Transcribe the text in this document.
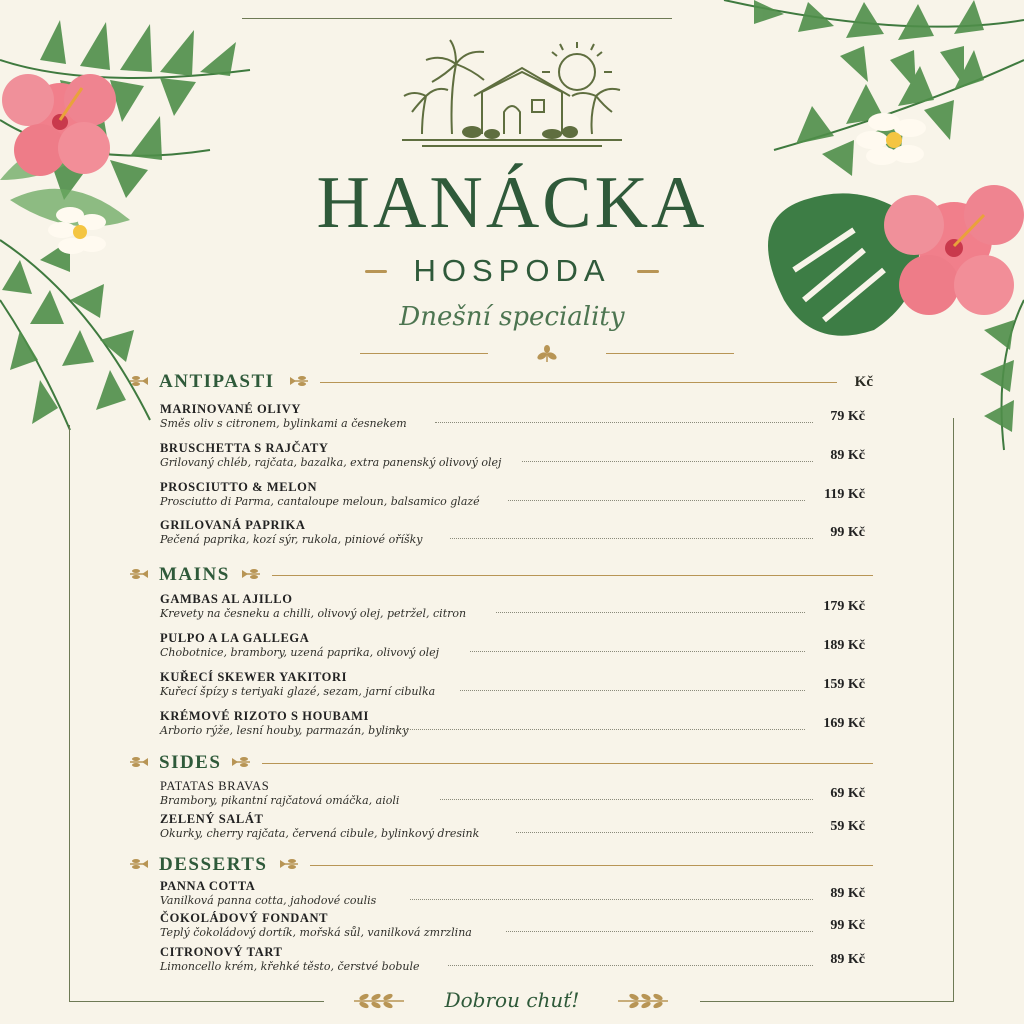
HANÁCKA
HOSPODA
Dnešní speciality
ANTIPASTI	Kč
MARINOVANÉ OLIVY
Směs oliv s citronem, bylinkami a česnekem	79 Kč
BRUSCHETTA S RAJČATY
Grilovaný chléb, rajčata, bazalka, extra panenský olivový olej	89 Kč
PROSCIUTTO & MELON
Prosciutto di Parma, cantaloupe meloun, balsamico glazé	119 Kč
GRILOVANÁ PAPRIKA
Pečená paprika, kozí sýr, rukola, piniové oříšky	99 Kč
MAINS
GAMBAS AL AJILLO
Krevety na česneku a chilli, olivový olej, petržel, citron	179 Kč
PULPO A LA GALLEGA
Chobotnice, brambory, uzená paprika, olivový olej	189 Kč
KUŘECÍ SKEWER YAKITORI
Kuřecí špízy s teriyaki glazé, sezam, jarní cibulka	159 Kč
KRÉMOVÉ RIZOTO S HOUBAMI
Arborio rýže, lesní houby, parmazán, bylinky	169 Kč
SIDES
PATATAS BRAVAS
Brambory, pikantní rajčatová omáčka, aioli	69 Kč
ZELENÝ SALÁT
Okurky, cherry rajčata, červená cibule, bylinkový dresink	59 Kč
DESSERTS
PANNA COTTA
Vanilková panna cotta, jahodové coulis	89 Kč
ČOKOLÁDOVÝ FONDANT
Teplý čokoládový dortík, mořská sůl, vanilková zmrzlina	99 Kč
CITRONOVÝ TART
Limoncello krém, křehké těsto, čerstvé bobule	89 Kč
Dobrou chuť!
